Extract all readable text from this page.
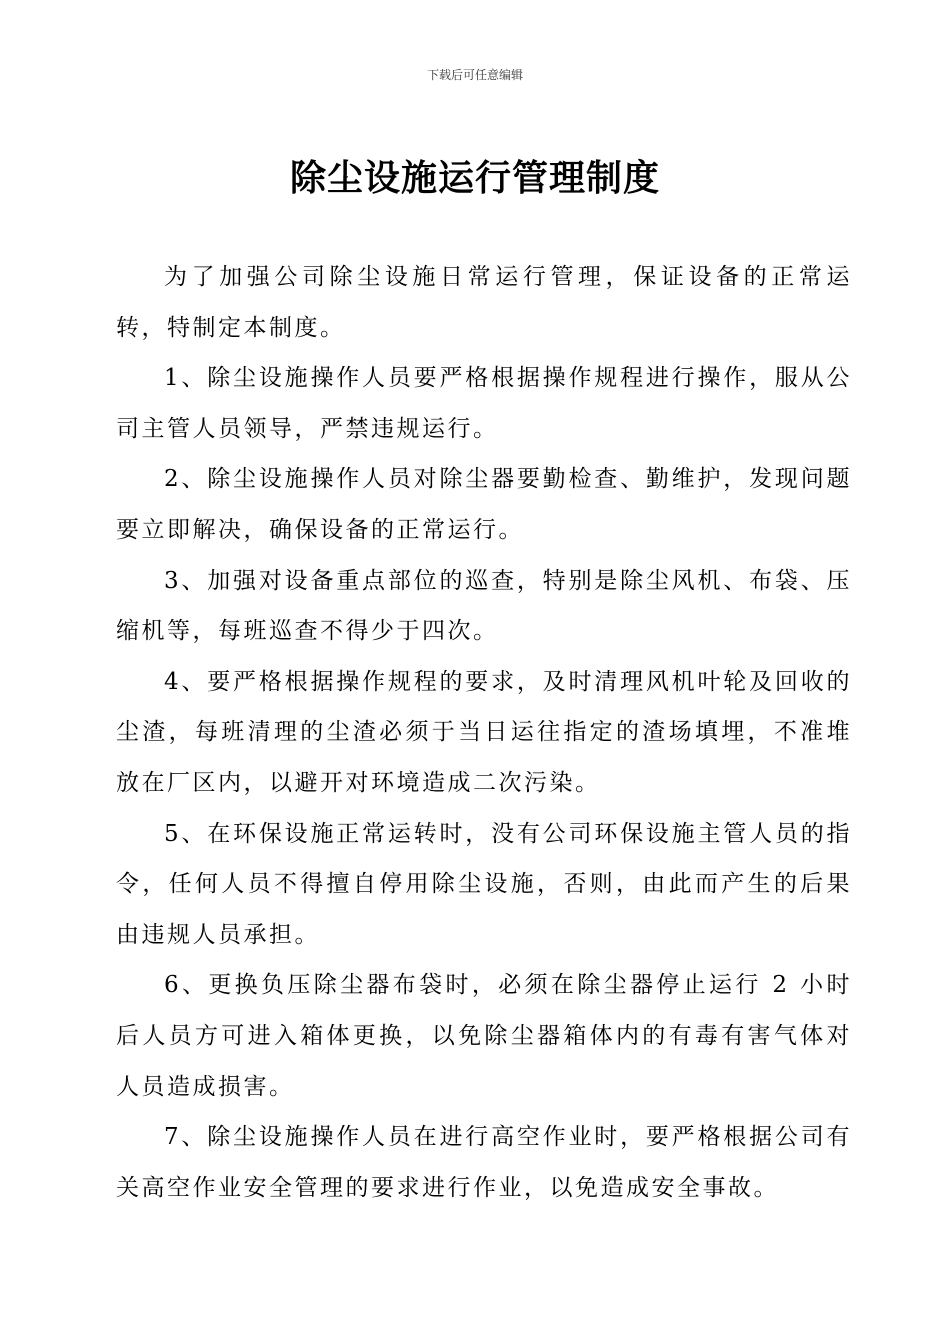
下载后可任意编辑
除尘设施运行管理制度

为了加强公司除尘设施日常运行管理，保证设备的正常运转，特制定本制度。

1、除尘设施操作人员要严格根据操作规程进行操作，服从公司主管人员领导，严禁违规运行。

2、除尘设施操作人员对除尘器要勤检查、勤维护，发现问题要立即解决，确保设备的正常运行。

3、加强对设备重点部位的巡查，特别是除尘风机、布袋、压缩机等，每班巡查不得少于四次。

4、要严格根据操作规程的要求，及时清理风机叶轮及回收的尘渣，每班清理的尘渣必须于当日运往指定的渣场填埋，不准堆放在厂区内，以避开对环境造成二次污染。

5、在环保设施正常运转时，没有公司环保设施主管人员的指令，任何人员不得擅自停用除尘设施，否则，由此而产生的后果由违规人员承担。

6、更换负压除尘器布袋时，必须在除尘器停止运行 2 小时后人员方可进入箱体更换，以免除尘器箱体内的有毒有害气体对人员造成损害。

7、除尘设施操作人员在进行高空作业时，要严格根据公司有关高空作业安全管理的要求进行作业，以免造成安全事故。
